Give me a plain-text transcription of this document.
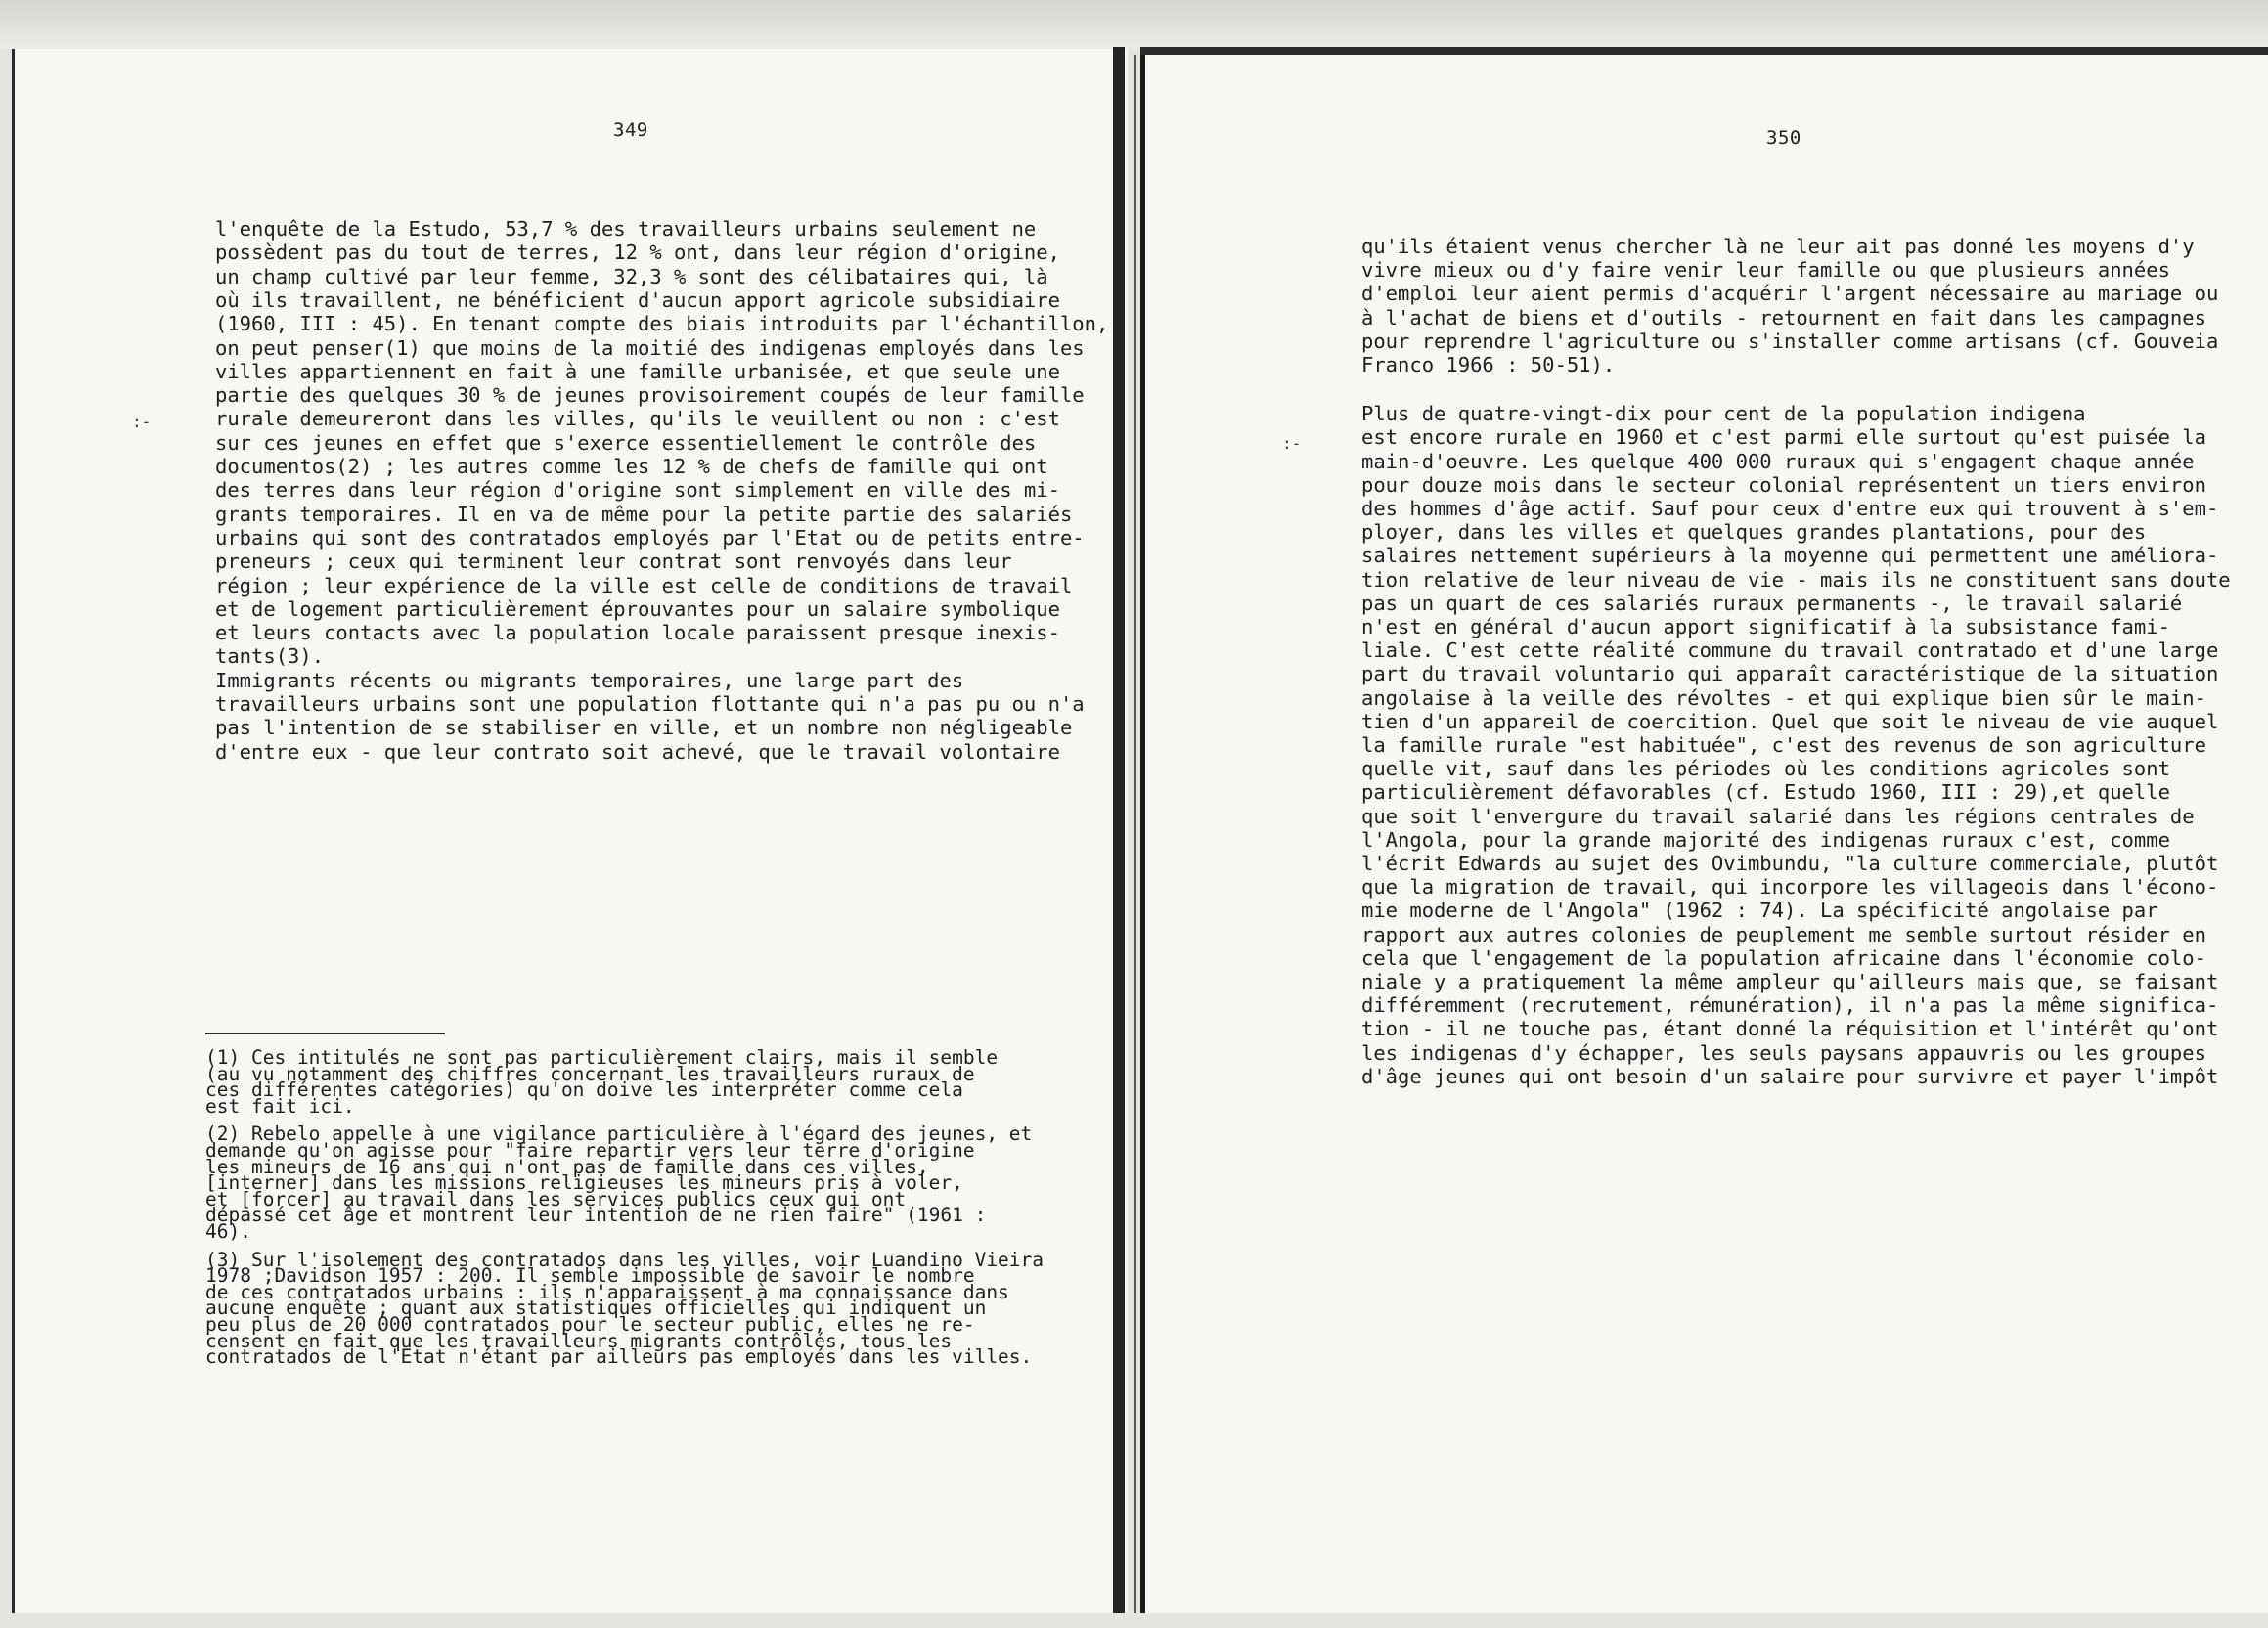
349
l'enquête de la Estudo, 53,7 % des travailleurs urbains seulement ne
possèdent pas du tout de terres, 12 % ont, dans leur région d'origine,
un champ cultivé par leur femme, 32,3 % sont des célibataires qui, là
où ils travaillent, ne bénéficient d'aucun apport agricole subsidiaire
(1960, III : 45). En tenant compte des biais introduits par l'échantillon,
on peut penser(1) que moins de la moitié des indigenas employés dans les
villes appartiennent en fait à une famille urbanisée, et que seule une
partie des quelques 30 % de jeunes provisoirement coupés de leur famille
rurale demeureront dans les villes, qu'ils le veuillent ou non : c'est
sur ces jeunes en effet que s'exerce essentiellement le contrôle des
documentos(2) ; les autres comme les 12 % de chefs de famille qui ont
des terres dans leur région d'origine sont simplement en ville des mi-
grants temporaires. Il en va de même pour la petite partie des salariés
urbains qui sont des contratados employés par l'Etat ou de petits entre-
preneurs ; ceux qui terminent leur contrat sont renvoyés dans leur
région ; leur expérience de la ville est celle de conditions de travail
et de logement particulièrement éprouvantes pour un salaire symbolique
et leurs contacts avec la population locale paraissent presque inexis-
tants(3).
Immigrants récents ou migrants temporaires, une large part des
travailleurs urbains sont une population flottante qui n'a pas pu ou n'a
pas l'intention de se stabiliser en ville, et un nombre non négligeable
d'entre eux - que leur contrato soit achevé, que le travail volontaire
(1) Ces intitulés ne sont pas particulièrement clairs, mais il semble
(au vu notamment des chiffres concernant les travailleurs ruraux de
ces différentes catégories) qu'on doive les interpréter comme cela
est fait ici.
(2) Rebelo appelle à une vigilance particulière à l'égard des jeunes, et
demande qu'on agisse pour "faire repartir vers leur terre d'origine
les mineurs de 16 ans qui n'ont pas de famille dans ces villes,
[interner] dans les missions religieuses les mineurs pris à voler,
et [forcer] au travail dans les services publics ceux qui ont
dépassé cet âge et montrent leur intention de ne rien faire" (1961 :
46).
(3) Sur l'isolement des contratados dans les villes, voir Luandino Vieira
1978 ;Davidson 1957 : 200. Il semble impossible de savoir le nombre
de ces contratados urbains : ils n'apparaissent à ma connaissance dans
aucune enquête ; quant aux statistiques officielles qui indiquent un
peu plus de 20 000 contratados pour le secteur public, elles ne re-
censent en fait que les travailleurs migrants contrôlés, tous les
contratados de l'Etat n'étant par ailleurs pas employés dans les villes.
:-
350
qu'ils étaient venus chercher là ne leur ait pas donné les moyens d'y
vivre mieux ou d'y faire venir leur famille ou que plusieurs années
d'emploi leur aient permis d'acquérir l'argent nécessaire au mariage ou
à l'achat de biens et d'outils - retournent en fait dans les campagnes
pour reprendre l'agriculture ou s'installer comme artisans (cf. Gouveia
Franco 1966 : 50-51).
Plus de quatre-vingt-dix pour cent de la population indigena
est encore rurale en 1960 et c'est parmi elle surtout qu'est puisée la
main-d'oeuvre. Les quelque 400 000 ruraux qui s'engagent chaque année
pour douze mois dans le secteur colonial représentent un tiers environ
des hommes d'âge actif. Sauf pour ceux d'entre eux qui trouvent à s'em-
ployer, dans les villes et quelques grandes plantations, pour des
salaires nettement supérieurs à la moyenne qui permettent une améliora-
tion relative de leur niveau de vie - mais ils ne constituent sans doute
pas un quart de ces salariés ruraux permanents -, le travail salarié
n'est en général d'aucun apport significatif à la subsistance fami-
liale. C'est cette réalité commune du travail contratado et d'une large
part du travail voluntario qui apparaît caractéristique de la situation
angolaise à la veille des révoltes - et qui explique bien sûr le main-
tien d'un appareil de coercition. Quel que soit le niveau de vie auquel
la famille rurale "est habituée", c'est des revenus de son agriculture
quelle vit, sauf dans les périodes où les conditions agricoles sont
particulièrement défavorables (cf. Estudo 1960, III : 29),et quelle
que soit l'envergure du travail salarié dans les régions centrales de
l'Angola, pour la grande majorité des indigenas ruraux c'est, comme
l'écrit Edwards au sujet des Ovimbundu, "la culture commerciale, plutôt
que la migration de travail, qui incorpore les villageois dans l'écono-
mie moderne de l'Angola" (1962 : 74). La spécificité angolaise par
rapport aux autres colonies de peuplement me semble surtout résider en
cela que l'engagement de la population africaine dans l'économie colo-
niale y a pratiquement la même ampleur qu'ailleurs mais que, se faisant
différemment (recrutement, rémunération), il n'a pas la même significa-
tion - il ne touche pas, étant donné la réquisition et l'intérêt qu'ont
les indigenas d'y échapper, les seuls paysans appauvris ou les groupes
d'âge jeunes qui ont besoin d'un salaire pour survivre et payer l'impôt
:-
